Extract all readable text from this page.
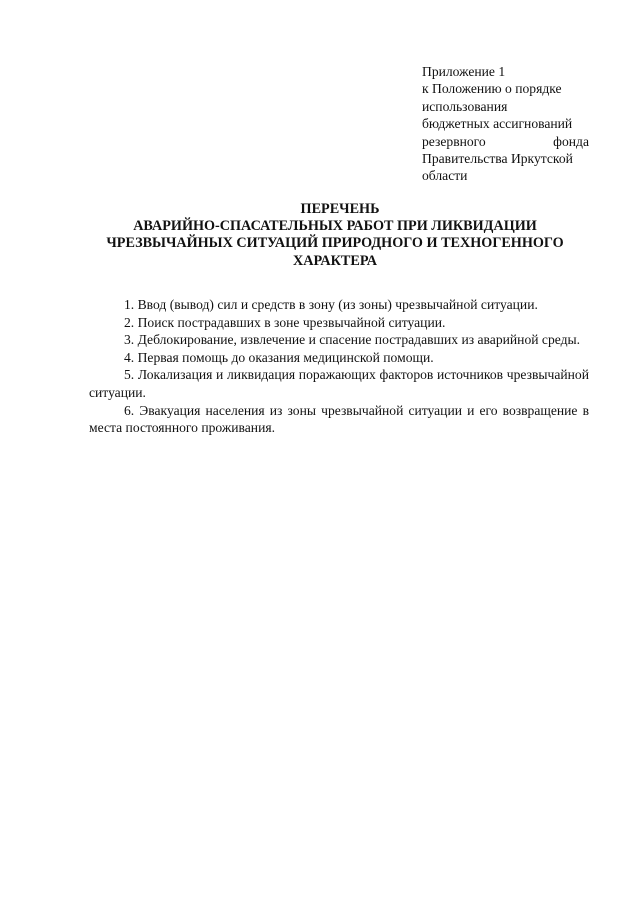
Приложение 1
к Положению о порядке
использования
бюджетных ассигнований
резервного	фонда
Правительства Иркутской
области
ПЕРЕЧЕНЬ
АВАРИЙНО-СПАСАТЕЛЬНЫХ РАБОТ ПРИ ЛИКВИДАЦИИ
ЧРЕЗВЫЧАЙНЫХ СИТУАЦИЙ ПРИРОДНОГО И ТЕХНОГЕННОГО
ХАРАКТЕРА
1. Ввод (вывод) сил и средств в зону (из зоны) чрезвычайной ситуации.
2. Поиск пострадавших в зоне чрезвычайной ситуации.
3. Деблокирование, извлечение и спасение пострадавших из аварийной среды.
4. Первая помощь до оказания медицинской помощи.
5. Локализация и ликвидация поражающих факторов источников чрезвычайной ситуации.
6. Эвакуация населения из зоны чрезвычайной ситуации и его возвращение в места постоянного проживания.
